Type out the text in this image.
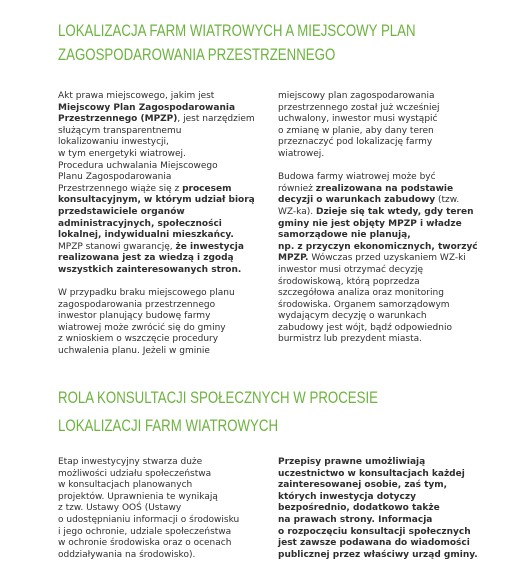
LOKALIZACJA FARM WIATROWYCH A MIEJSCOWY PLAN
ZAGOSPODAROWANIA PRZESTRZENNEGO

Akt prawa miejscowego, jakim jest
Miejscowy Plan Zagospodarowania
Przestrzennego (MPZP), jest narzędziem
służącym transparentnemu
lokalizowaniu inwestycji,
w tym energetyki wiatrowej.
Procedura uchwalania Miejscowego
Planu Zagospodarowania
Przestrzennego wiąże się z procesem
konsultacyjnym, w którym udział biorą
przedstawiciele organów
administracyjnych, społeczności
lokalnej, indywidualni mieszkańcy.
MPZP stanowi gwarancję, że inwestycja
realizowana jest za wiedzą i zgodą
wszystkich zainteresowanych stron.

W przypadku braku miejscowego planu
zagospodarowania przestrzennego
inwestor planujący budowę farmy
wiatrowej może zwrócić się do gminy
z wnioskiem o wszczęcie procedury
uchwalenia planu. Jeżeli w gminie

miejscowy plan zagospodarowania
przestrzennego został już wcześniej
uchwalony, inwestor musi wystąpić
o zmianę w planie, aby dany teren
przeznaczyć pod lokalizację farmy
wiatrowej.

Budowa farmy wiatrowej może być
również zrealizowana na podstawie
decyzji o warunkach zabudowy (tzw.
WZ-ka). Dzieje się tak wtedy, gdy teren
gminy nie jest objęty MPZP i władze
samorządowe nie planują,
np. z przyczyn ekonomicznych, tworzyć
MPZP. Wówczas przed uzyskaniem WZ-ki
inwestor musi otrzymać decyzję
środowiskową, którą poprzedza
szczegółowa analiza oraz monitoring
środowiska. Organem samorządowym
wydającym decyzję o warunkach
zabudowy jest wójt, bądź odpowiednio
burmistrz lub prezydent miasta.

ROLA KONSULTACJI SPOŁECZNYCH W PROCESIE
LOKALIZACJI FARM WIATROWYCH

Etap inwestycyjny stwarza duże
możliwości udziału społeczeństwa
w konsultacjach planowanych
projektów. Uprawnienia te wynikają
z tzw. Ustawy OOŚ (Ustawy
o udostępnianiu informacji o środowisku
i jego ochronie, udziale społeczeństwa
w ochronie środowiska oraz o ocenach
oddziaływania na środowisko).

Przepisy prawne umożliwiają
uczestnictwo w konsultacjach każdej
zainteresowanej osobie, zaś tym,
których inwestycja dotyczy
bezpośrednio, dodatkowo także
na prawach strony. Informacja
o rozpoczęciu konsultacji społecznych
jest zawsze podawana do wiadomości
publicznej przez właściwy urząd gminy.
